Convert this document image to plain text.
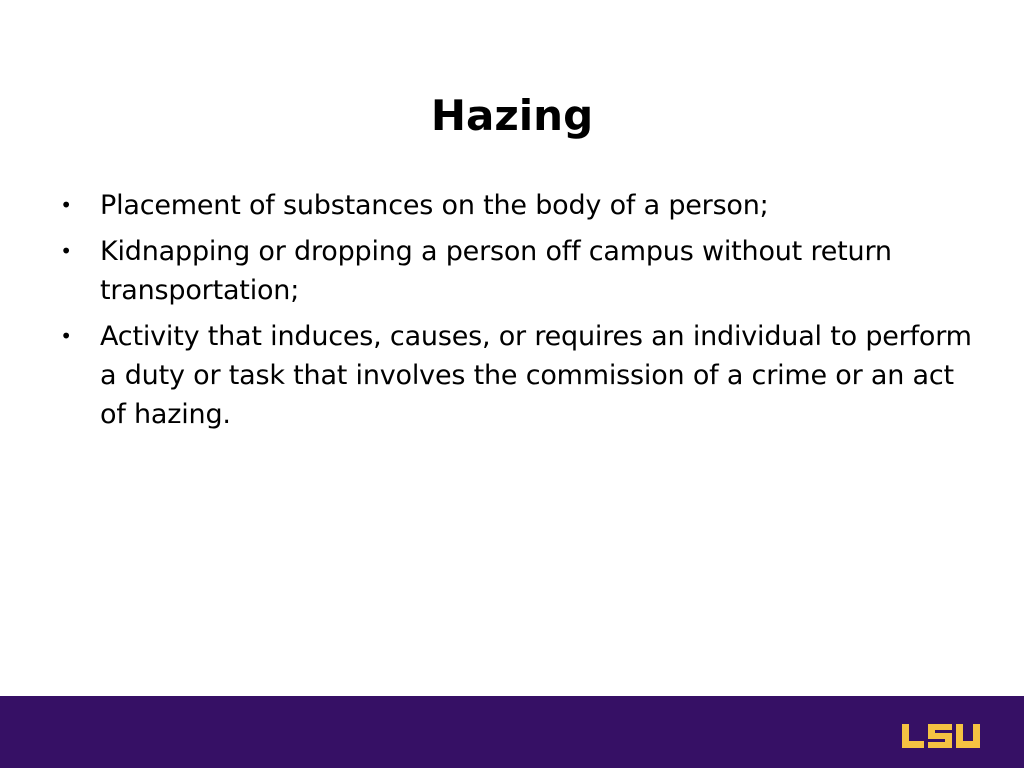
Hazing
• Placement of substances on the body of a person;
• Kidnapping or dropping a person off campus without return transportation;
• Activity that induces, causes, or requires an individual to perform a duty or task that involves the commission of a crime or an act of hazing.
